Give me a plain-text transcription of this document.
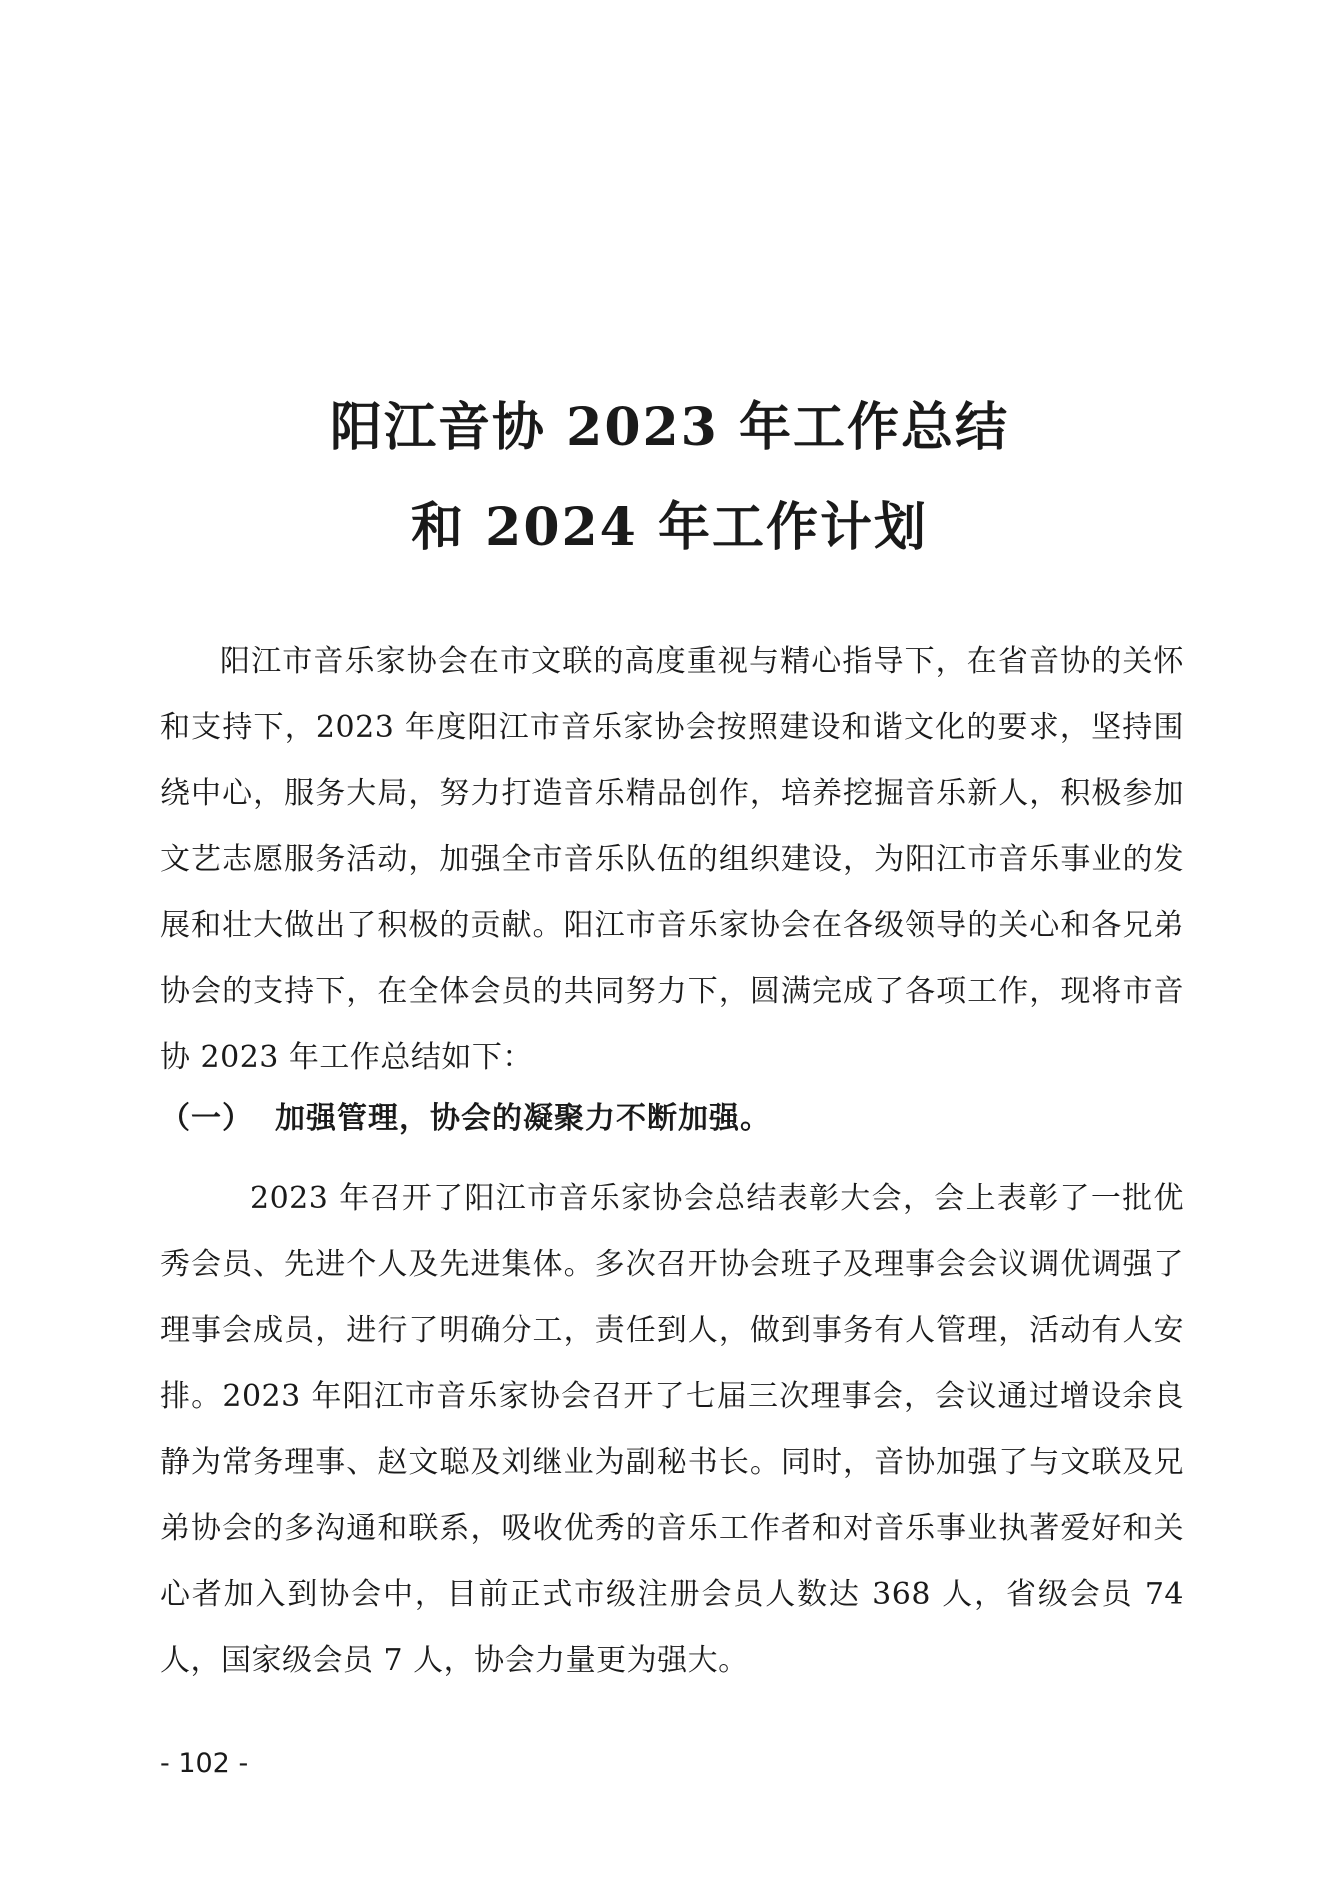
阳江音协 2023 年工作总结
和 2024 年工作计划

阳江市音乐家协会在市文联的高度重视与精心指导下，在省音协的关怀和支持下，2023 年度阳江市音乐家协会按照建设和谐文化的要求，坚持围绕中心，服务大局，努力打造音乐精品创作，培养挖掘音乐新人，积极参加文艺志愿服务活动，加强全市音乐队伍的组织建设，为阳江市音乐事业的发展和壮大做出了积极的贡献。阳江市音乐家协会在各级领导的关心和各兄弟协会的支持下，在全体会员的共同努力下，圆满完成了各项工作，现将市音协 2023 年工作总结如下：

（一） 加强管理，协会的凝聚力不断加强。

2023 年召开了阳江市音乐家协会总结表彰大会，会上表彰了一批优秀会员、先进个人及先进集体。多次召开协会班子及理事会会议调优调强了理事会成员，进行了明确分工，责任到人，做到事务有人管理，活动有人安排。2023 年阳江市音乐家协会召开了七届三次理事会，会议通过增设余良静为常务理事、赵文聪及刘继业为副秘书长。同时，音协加强了与文联及兄弟协会的多沟通和联系，吸收优秀的音乐工作者和对音乐事业执著爱好和关心者加入到协会中，目前正式市级注册会员人数达 368 人，省级会员 74 人，国家级会员 7 人，协会力量更为强大。

- 102 -
